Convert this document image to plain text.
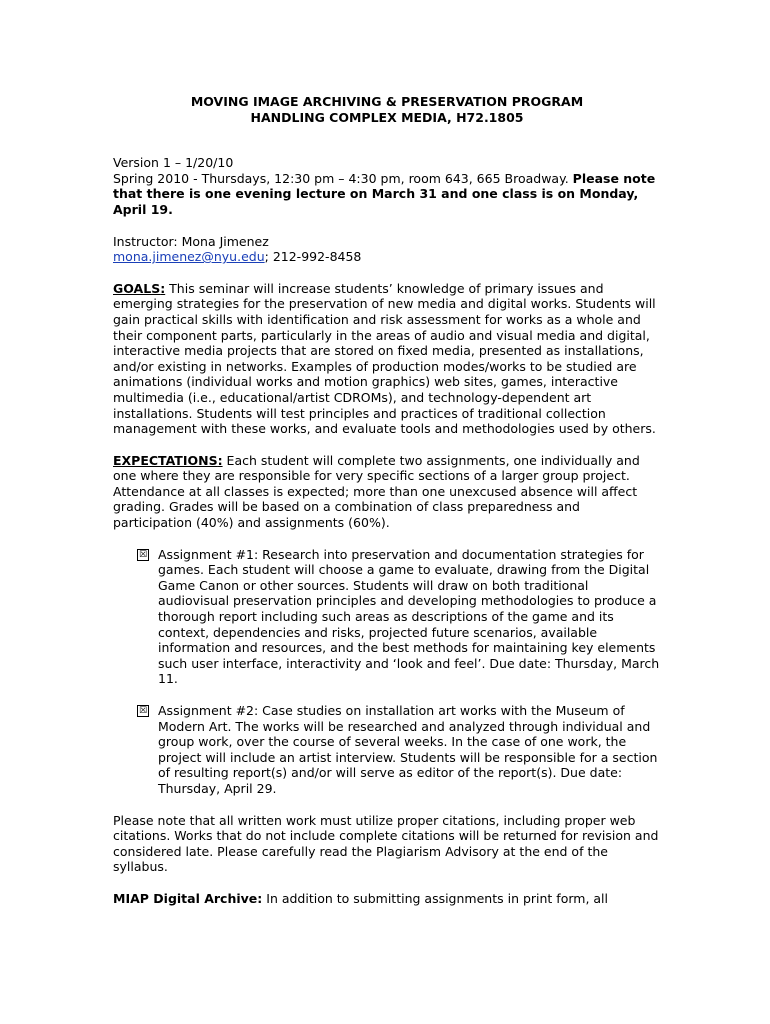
MOVING IMAGE ARCHIVING & PRESERVATION PROGRAM
HANDLING COMPLEX MEDIA, H72.1805

Version 1 – 1/20/10
Spring 2010 - Thursdays, 12:30 pm – 4:30 pm, room 643, 665 Broadway. Please note that there is one evening lecture on March 31 and one class is on Monday, April 19.

Instructor: Mona Jimenez
mona.jimenez@nyu.edu; 212-992-8458

GOALS: This seminar will increase students’ knowledge of primary issues and emerging strategies for the preservation of new media and digital works. Students will gain practical skills with identification and risk assessment for works as a whole and their component parts, particularly in the areas of audio and visual media and digital, interactive media projects that are stored on fixed media, presented as installations, and/or existing in networks. Examples of production modes/works to be studied are animations (individual works and motion graphics) web sites, games, interactive multimedia (i.e., educational/artist CDROMs), and technology-dependent art installations. Students will test principles and practices of traditional collection management with these works, and evaluate tools and methodologies used by others.

EXPECTATIONS: Each student will complete two assignments, one individually and one where they are responsible for very specific sections of a larger group project. Attendance at all classes is expected; more than one unexcused absence will affect grading. Grades will be based on a combination of class preparedness and participation (40%) and assignments (60%).

☒ Assignment #1: Research into preservation and documentation strategies for games. Each student will choose a game to evaluate, drawing from the Digital Game Canon or other sources. Students will draw on both traditional audiovisual preservation principles and developing methodologies to produce a thorough report including such areas as descriptions of the game and its context, dependencies and risks, projected future scenarios, available information and resources, and the best methods for maintaining key elements such user interface, interactivity and ‘look and feel’. Due date: Thursday, March 11.
☒ Assignment #2: Case studies on installation art works with the Museum of Modern Art. The works will be researched and analyzed through individual and group work, over the course of several weeks. In the case of one work, the project will include an artist interview. Students will be responsible for a section of resulting report(s) and/or will serve as editor of the report(s). Due date: Thursday, April 29.

Please note that all written work must utilize proper citations, including proper web citations. Works that do not include complete citations will be returned for revision and considered late. Please carefully read the Plagiarism Advisory at the end of the syllabus.

MIAP Digital Archive: In addition to submitting assignments in print form, all
